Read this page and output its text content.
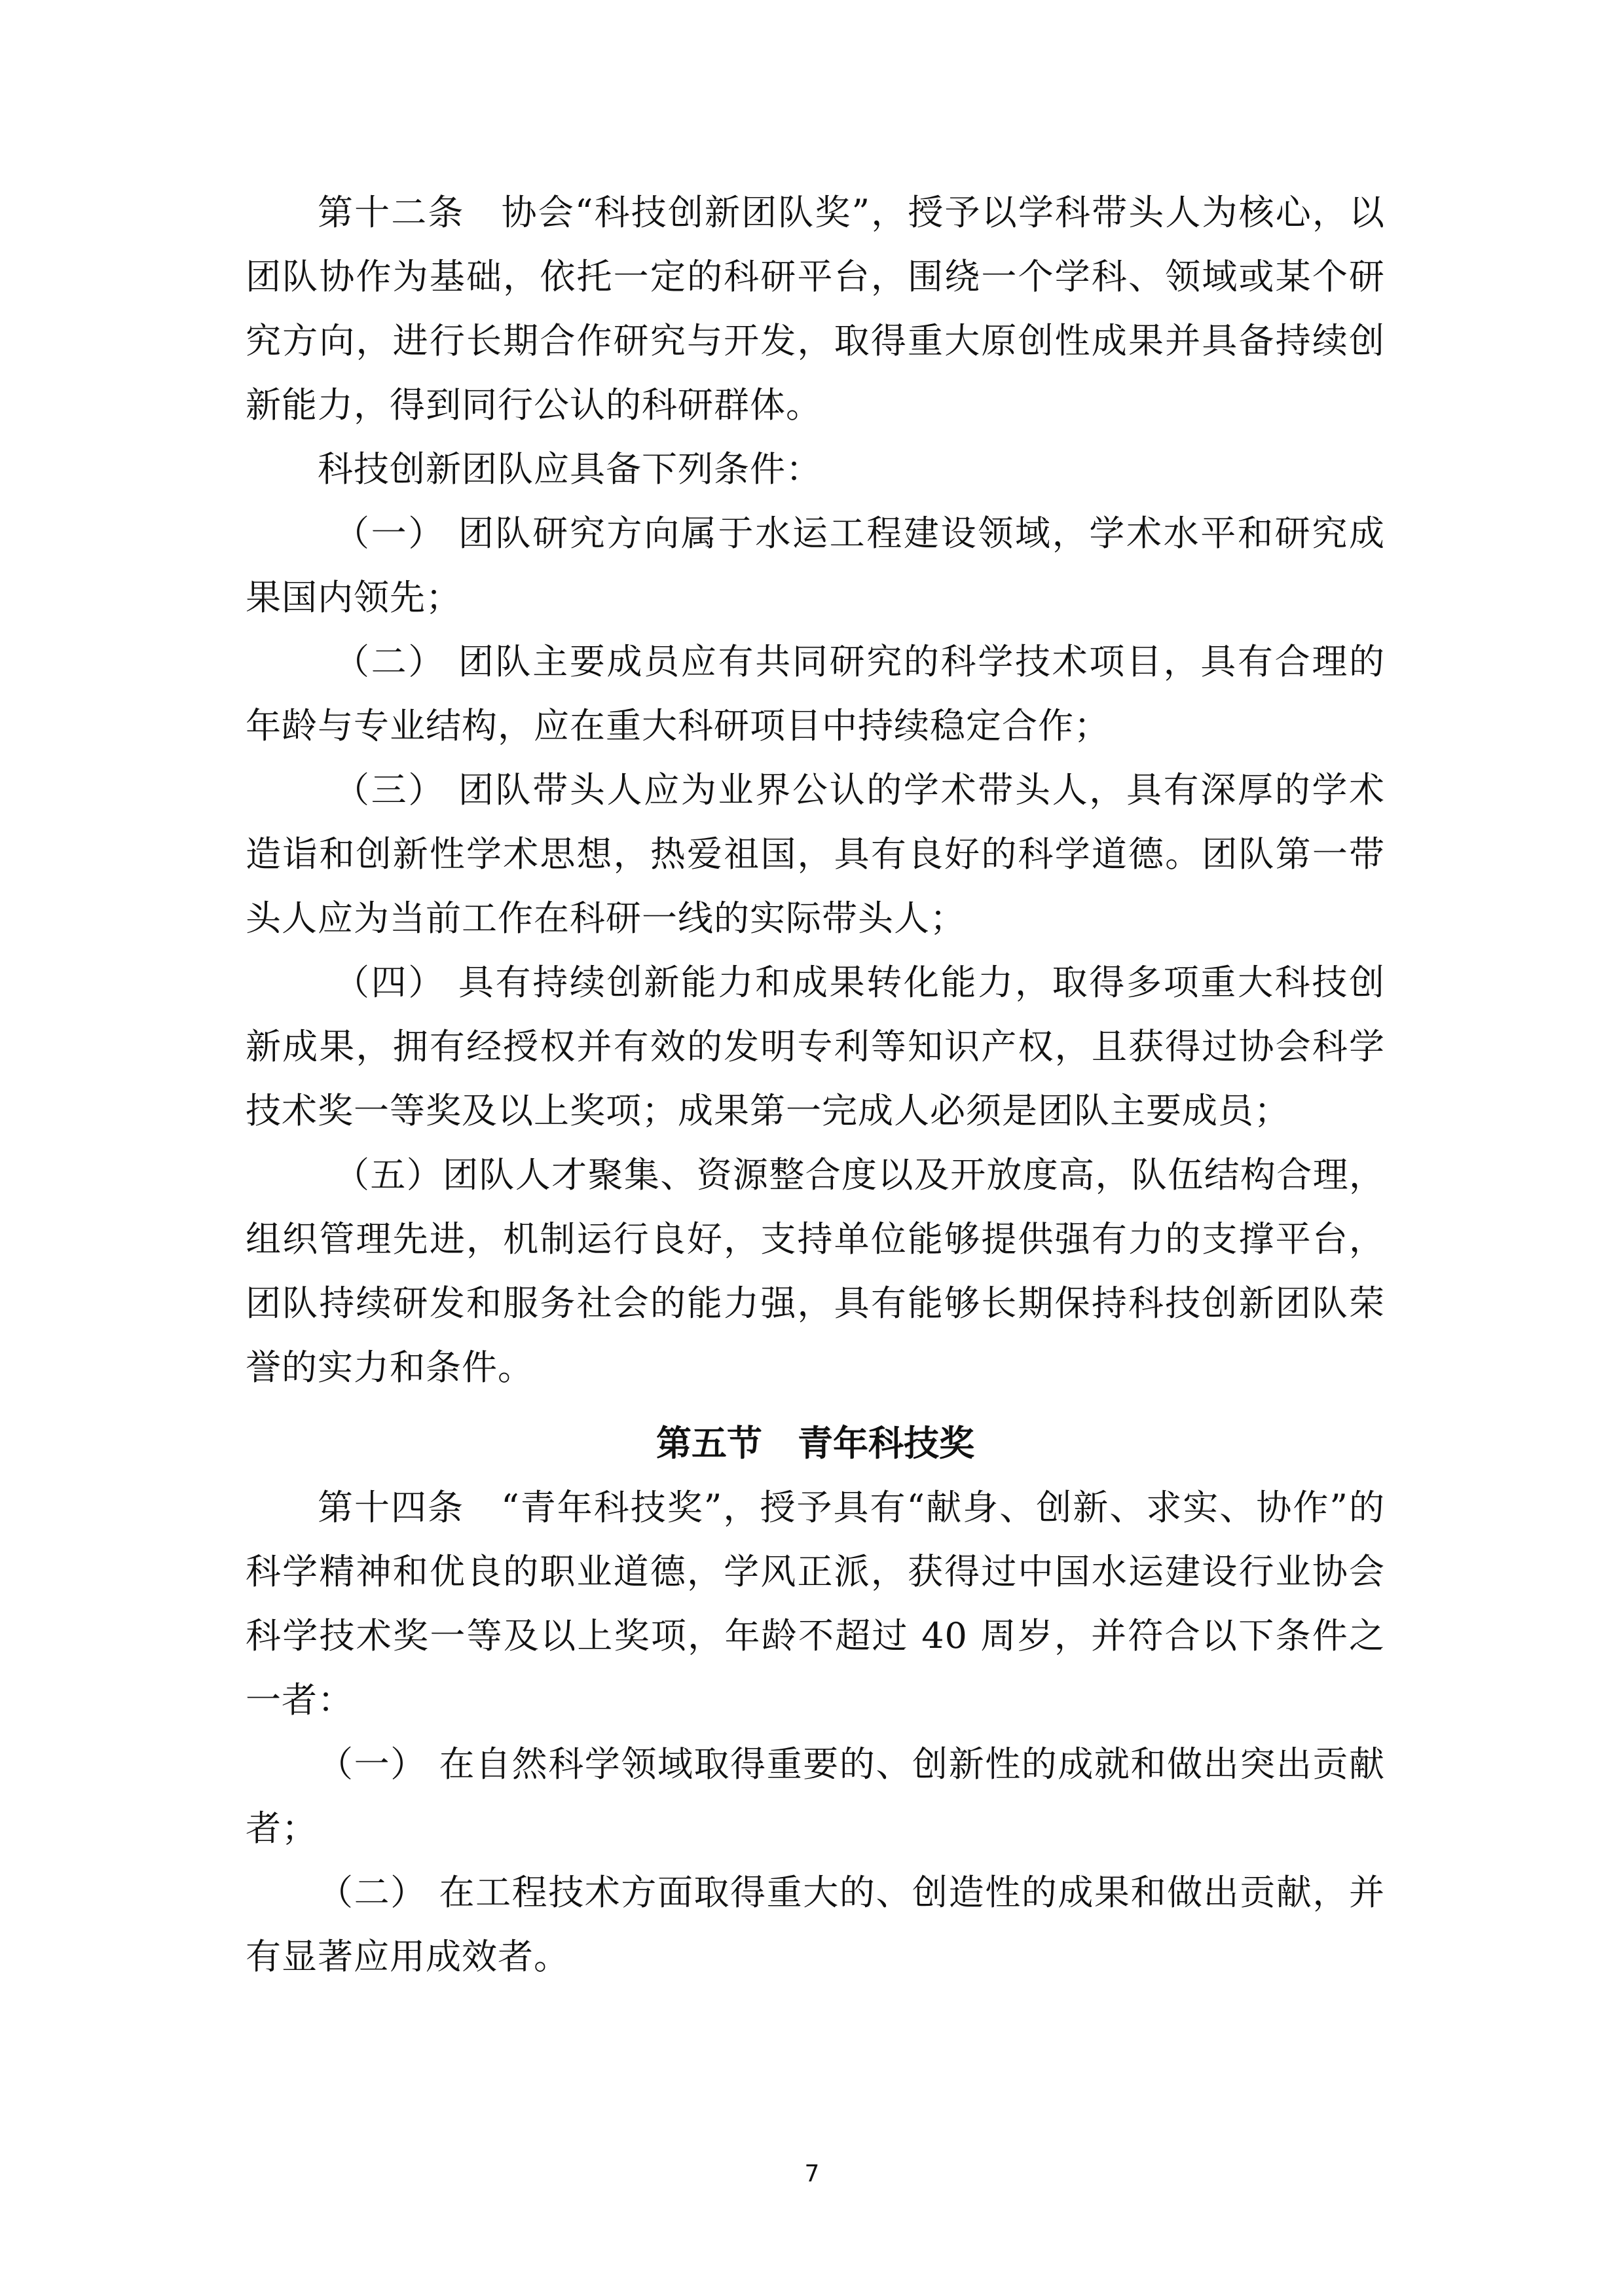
第十二条　协会“科技创新团队奖”，授予以学科带头人为核心，以团队协作为基础，依托一定的科研平台，围绕一个学科、领域或某个研究方向，进行长期合作研究与开发，取得重大原创性成果并具备持续创新能力，得到同行公认的科研群体。

科技创新团队应具备下列条件：

（一） 团队研究方向属于水运工程建设领域，学术水平和研究成果国内领先；

（二） 团队主要成员应有共同研究的科学技术项目，具有合理的年龄与专业结构，应在重大科研项目中持续稳定合作；

（三） 团队带头人应为业界公认的学术带头人，具有深厚的学术造诣和创新性学术思想，热爱祖国，具有良好的科学道德。团队第一带头人应为当前工作在科研一线的实际带头人；

（四） 具有持续创新能力和成果转化能力，取得多项重大科技创新成果，拥有经授权并有效的发明专利等知识产权，且获得过协会科学技术奖一等奖及以上奖项；成果第一完成人必须是团队主要成员；

（五）团队人才聚集、资源整合度以及开放度高，队伍结构合理，组织管理先进，机制运行良好，支持单位能够提供强有力的支撑平台，团队持续研发和服务社会的能力强，具有能够长期保持科技创新团队荣誉的实力和条件。

第五节　青年科技奖

第十四条　“青年科技奖”，授予具有“献身、创新、求实、协作”的科学精神和优良的职业道德，学风正派，获得过中国水运建设行业协会科学技术奖一等及以上奖项，年龄不超过 40 周岁，并符合以下条件之一者：

（一） 在自然科学领域取得重要的、创新性的成就和做出突出贡献者；

（二） 在工程技术方面取得重大的、创造性的成果和做出贡献，并有显著应用成效者。

7
